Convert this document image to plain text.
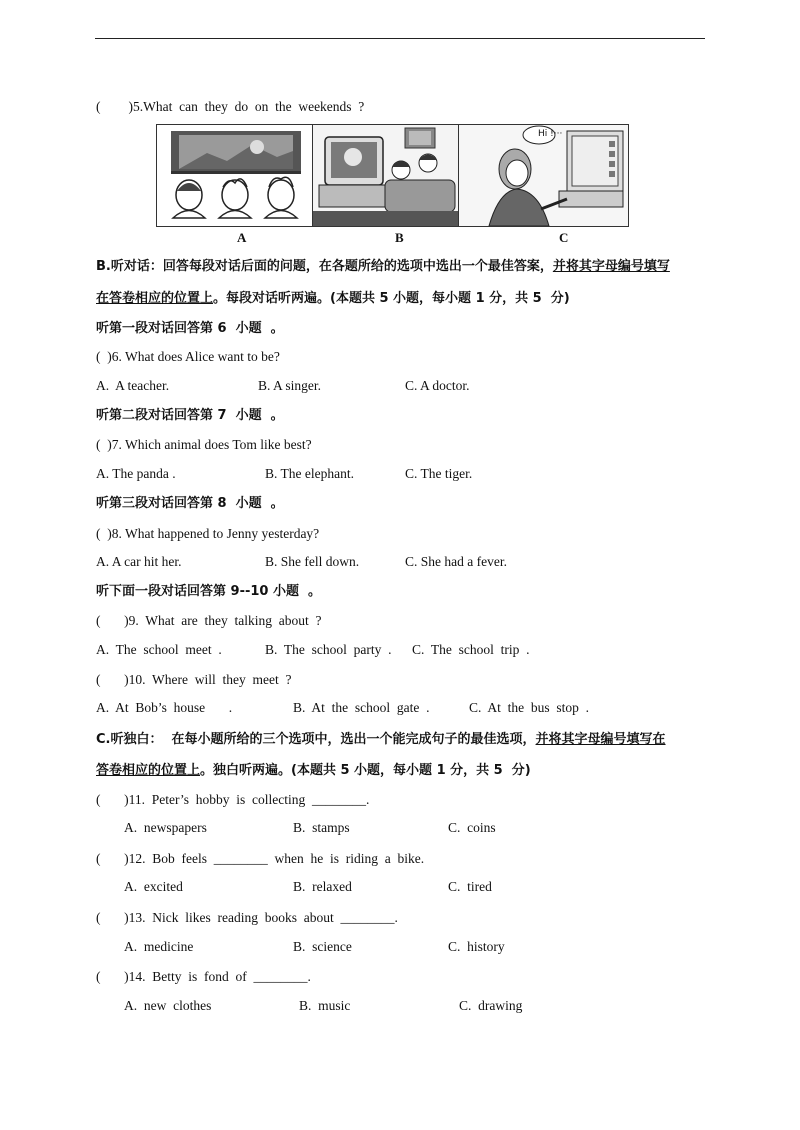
( )5.What  can  they  do  on  the  weekends  ?
A	B	C
Hi !···
B.听对话：回答每段对话后面的问题，在各题所给的选项中选出一个最佳答案，并将其字母编号填写
在答卷相应的位置上。每段对话听两遍。(本题共 5 小题，每小题 1 分，共 5  分)
听第一段对话回答第 6  小题  。
(  )6. What does Alice want to be?
A.  A teacher.	B. A singer.	C. A doctor.
听第二段对话回答第 7  小题  。
(  )7. Which animal does Tom like best?
A. The panda .	B. The elephant.	C. The tiger.
听第三段对话回答第 8  小题  。
(  )8. What happened to Jenny yesterday?
A. A car hit her.	B. She fell down.	C. She had a fever.
听下面一段对话回答第 9--10 小题  。
(       )9.  What  are  they  talking  about  ?
A.  The  school  meet  .	B.  The  school  party  . C.  The  school  trip  .
(       )10.  Where  will  they  meet  ?
A.  At  Bob’s  house       .	B.  At  the  school  gate  .	C.  At  the  bus  stop  .
C.听独白：  在每小题所给的三个选项中，选出一个能完成句子的最佳选项，并将其字母编号填写在
答卷相应的位置上。独白听两遍。(本题共 5 小题，每小题 1 分，共 5  分)
(       )11.  Peter’s  hobby  is  collecting  ________.
A.  newspapers	B.  stamps	C.  coins
(       )12.  Bob  feels  ________  when  he  is  riding  a  bike.
A.  excited	B.  relaxed	C.  tired
(       )13.  Nick  likes  reading  books  about  ________.
A.  medicine	B.  science	C.  history
(       )14.  Betty  is  fond  of  ________.
A.  new  clothes	B.  music	C.  drawing
